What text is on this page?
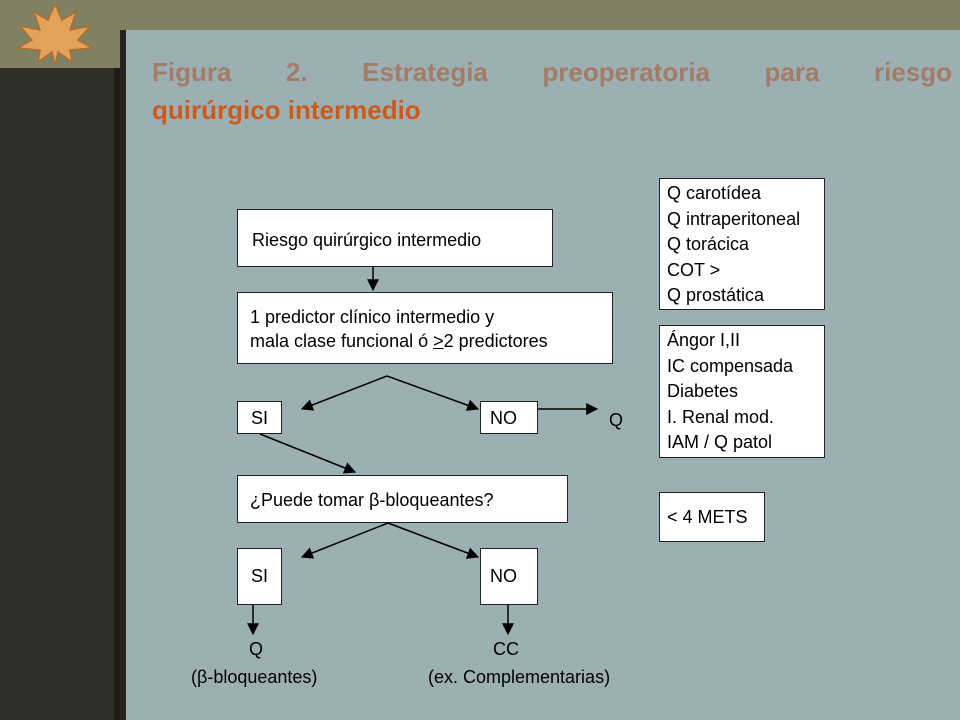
Figura 2. Estrategia preoperatoria para riesgo
quirúrgico intermedio
Riesgo quirúrgico intermedio
1 predictor clínico intermedio y
mala clase funcional ó ≥2 predictores
SI	NO	Q
¿Puede tomar β-bloqueantes?
SI	NO
Q
(β-bloqueantes)
CC
(ex. Complementarias)
Q carotídea
Q intraperitoneal
Q torácica
COT >
Q prostática
Ángor I,II
IC compensada
Diabetes
I. Renal mod.
IAM / Q patol
< 4 METS
